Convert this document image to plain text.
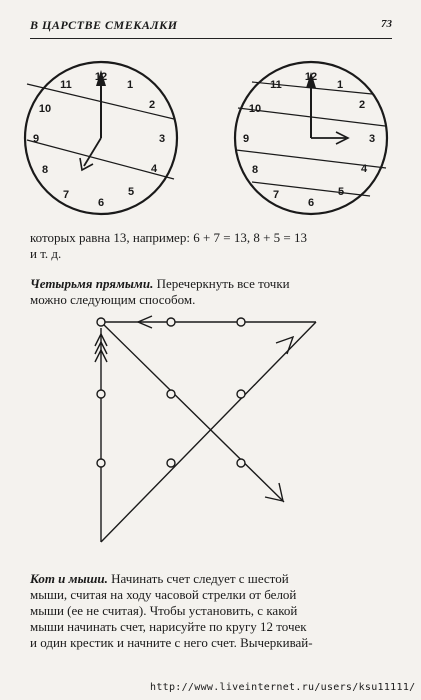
В ЦАРСТВЕ СМЕКАЛКИ	73
12
1
2
3
4
5
6
7
8
9
10
11
12
1
2
3
4
5
6
7
8
9
10
11
которых равна 13, например: 6 + 7 = 13, 8 + 5 = 13
и т. д.
Четырьмя прямыми. Перечеркнуть все точки
можно следующим способом.
Кот и мыши. Начинать счет следует с шестой
мыши, считая на ходу часовой стрелки от белой
мыши (ее не считая). Чтобы установить, с какой
мыши начинать счет, нарисуйте по кругу 12 точек
и один крестик и начните с него счет. Вычеркивай-
http://www.liveinternet.ru/users/ksu11111/
